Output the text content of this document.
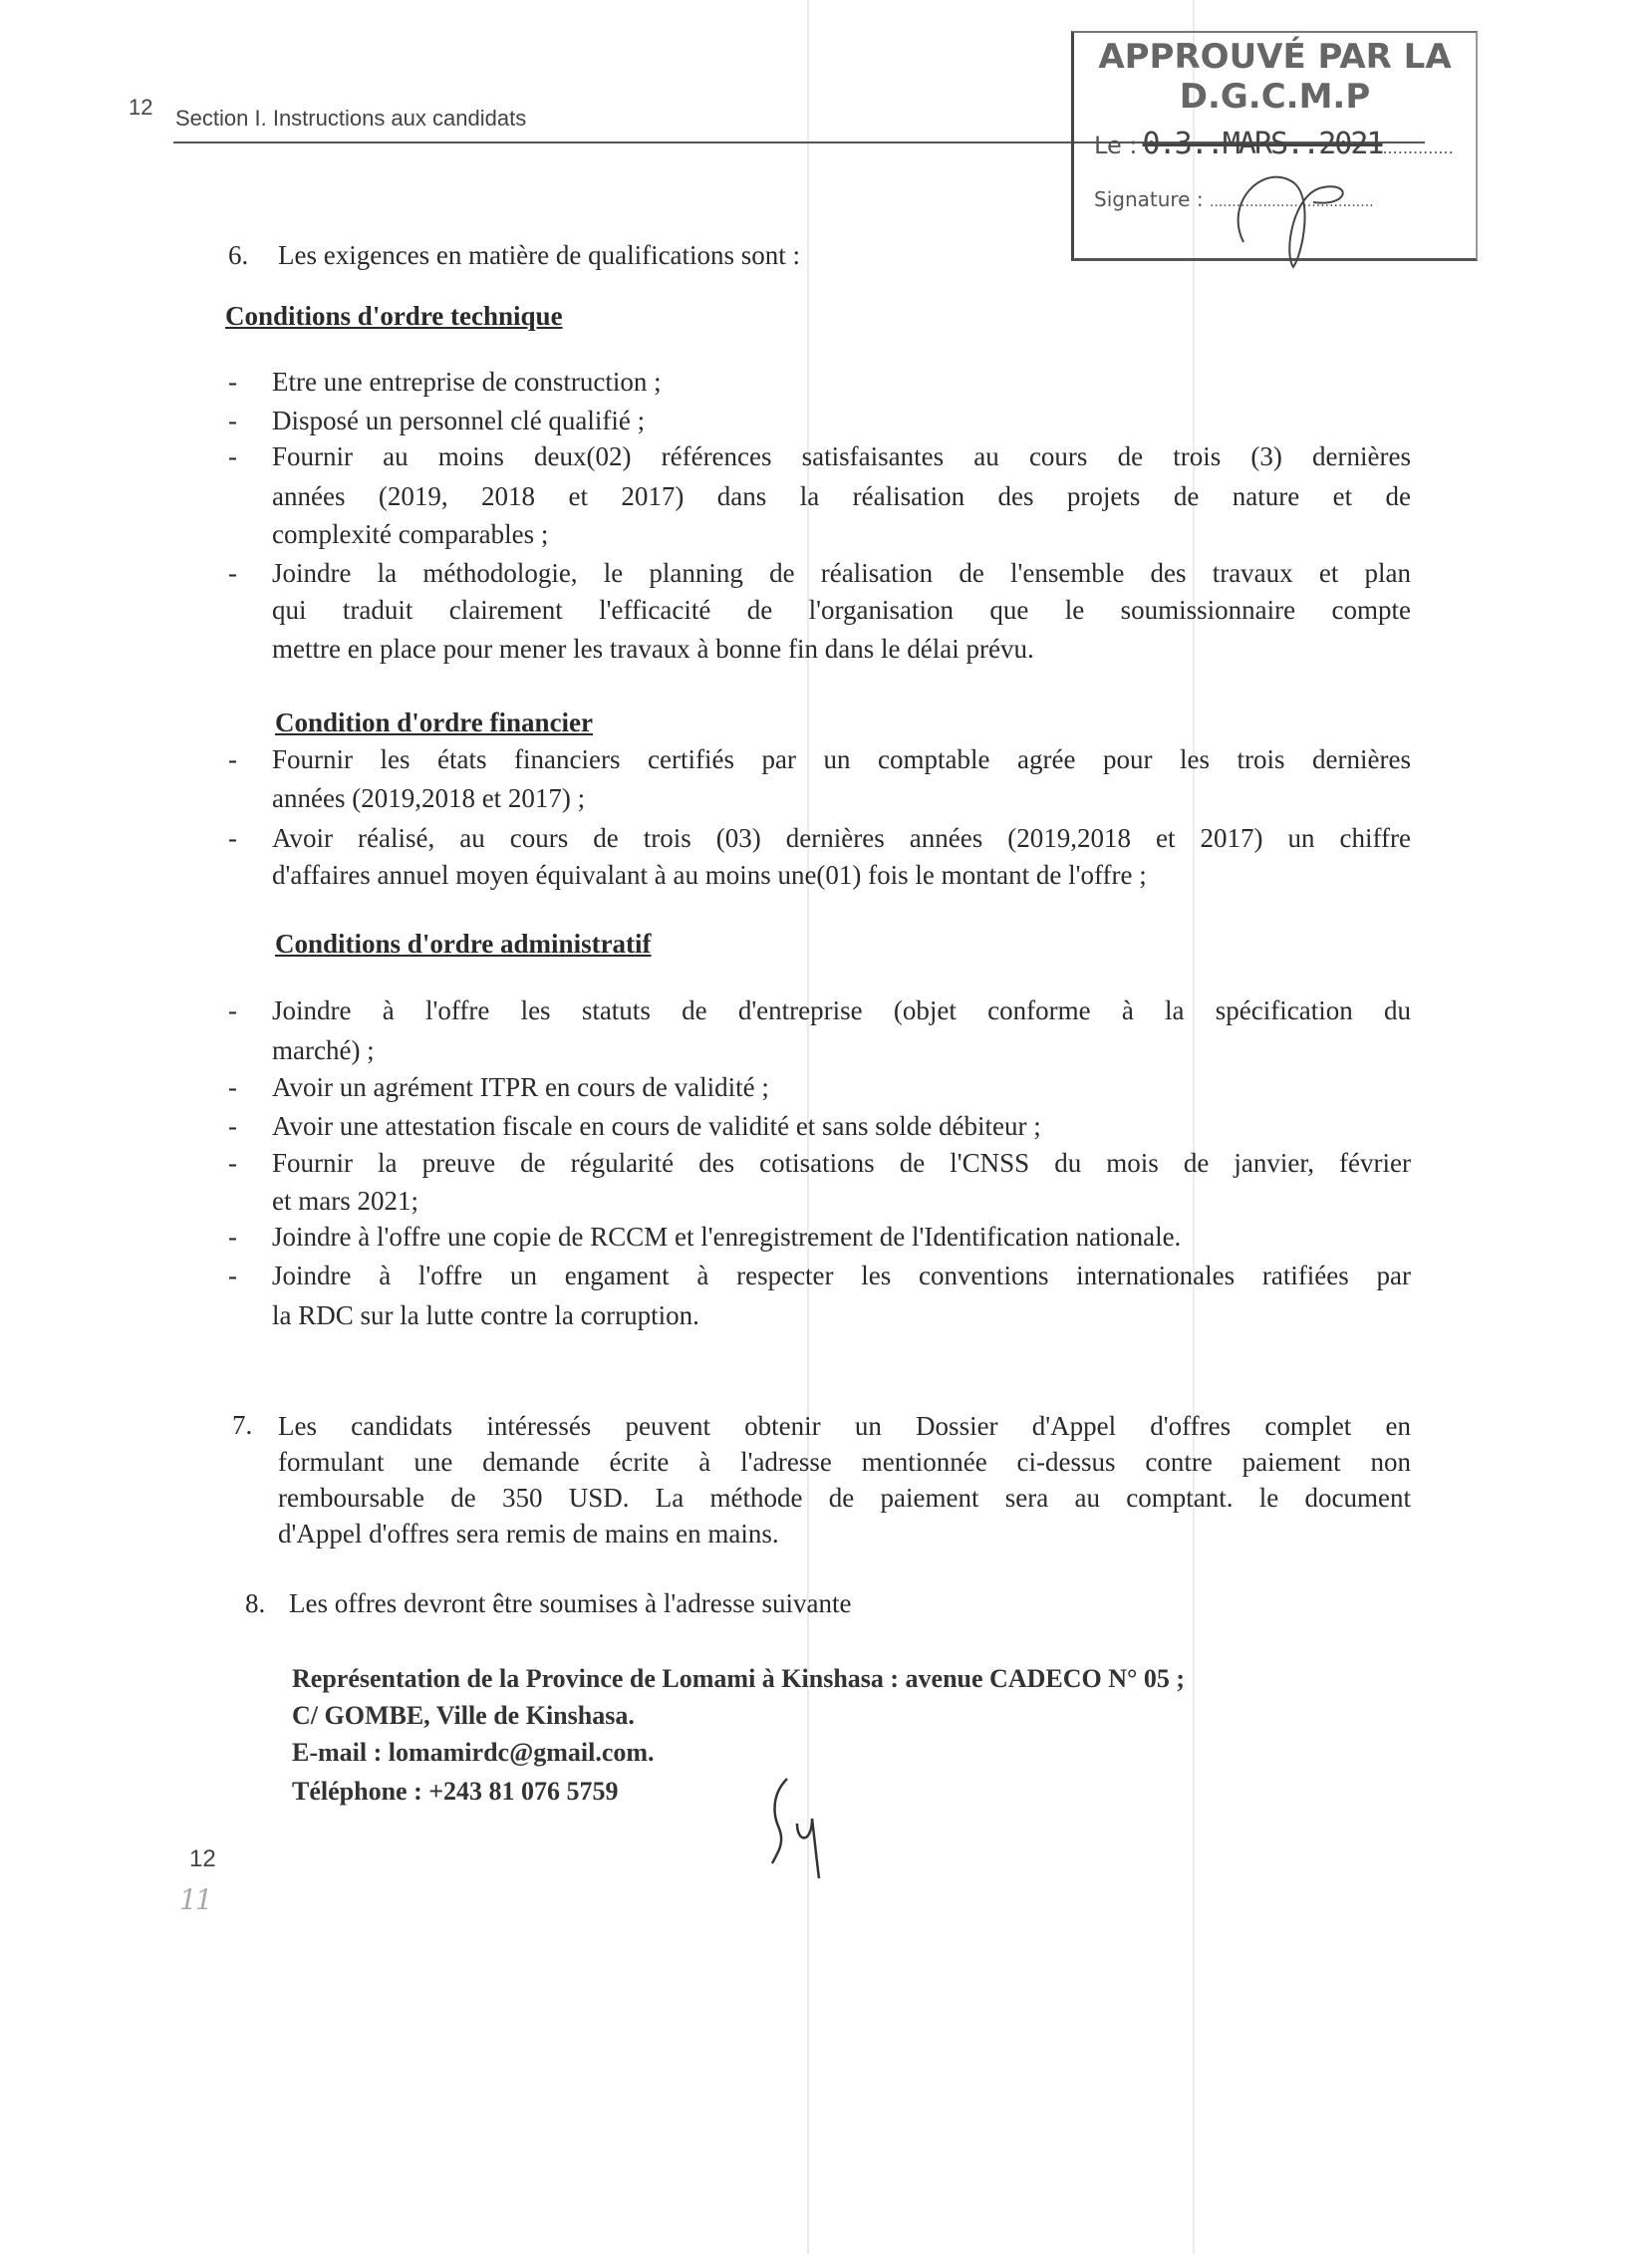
12 Section I. Instructions aux candidats
APPROUVÉ PAR LA
D.G.C.M.P
Le : 0.3..MARS..2021..............
Signature : .....................................
6. Les exigences en matière de qualifications sont :
Conditions d'ordre technique
- Etre une entreprise de construction ;
- Disposé un personnel clé qualifié ;
- Fournir au moins deux(02) références satisfaisantes au cours de trois (3) dernières
années (2019, 2018 et 2017) dans la réalisation des projets de nature et de
complexité comparables ;
- Joindre la méthodologie, le planning de réalisation de l'ensemble des travaux et plan
qui traduit clairement l'efficacité de l'organisation que le soumissionnaire compte
mettre en place pour mener les travaux à bonne fin dans le délai prévu.
Condition d'ordre financier
- Fournir les états financiers certifiés par un comptable agrée pour les trois dernières
années (2019,2018 et 2017) ;
- Avoir réalisé, au cours de trois (03) dernières années (2019,2018 et 2017) un chiffre
d'affaires annuel moyen équivalant à au moins une(01) fois le montant de l'offre ;
Conditions d'ordre administratif
- Joindre à l'offre les statuts de d'entreprise (objet conforme à la spécification du
marché) ;
- Avoir un agrément ITPR en cours de validité ;
- Avoir une attestation fiscale en cours de validité et sans solde débiteur ;
- Fournir la preuve de régularité des cotisations de l'CNSS du mois de janvier, février
et mars 2021;
- Joindre à l'offre une copie de RCCM et l'enregistrement de l'Identification nationale.
- Joindre à l'offre un engament à respecter les conventions internationales ratifiées par
la RDC sur la lutte contre la corruption.
7. Les candidats intéressés peuvent obtenir un Dossier d'Appel d'offres complet en
formulant une demande écrite à l'adresse mentionnée ci-dessus contre paiement non
remboursable de 350 USD. La méthode de paiement sera au comptant. le document
d'Appel d'offres sera remis de mains en mains.
8. Les offres devront être soumises à l'adresse suivante
Représentation de la Province de Lomami à Kinshasa : avenue CADECO N° 05 ;
C/ GOMBE, Ville de Kinshasa.
E-mail : lomamirdc@gmail.com.
Téléphone : +243 81 076 5759
12
11
